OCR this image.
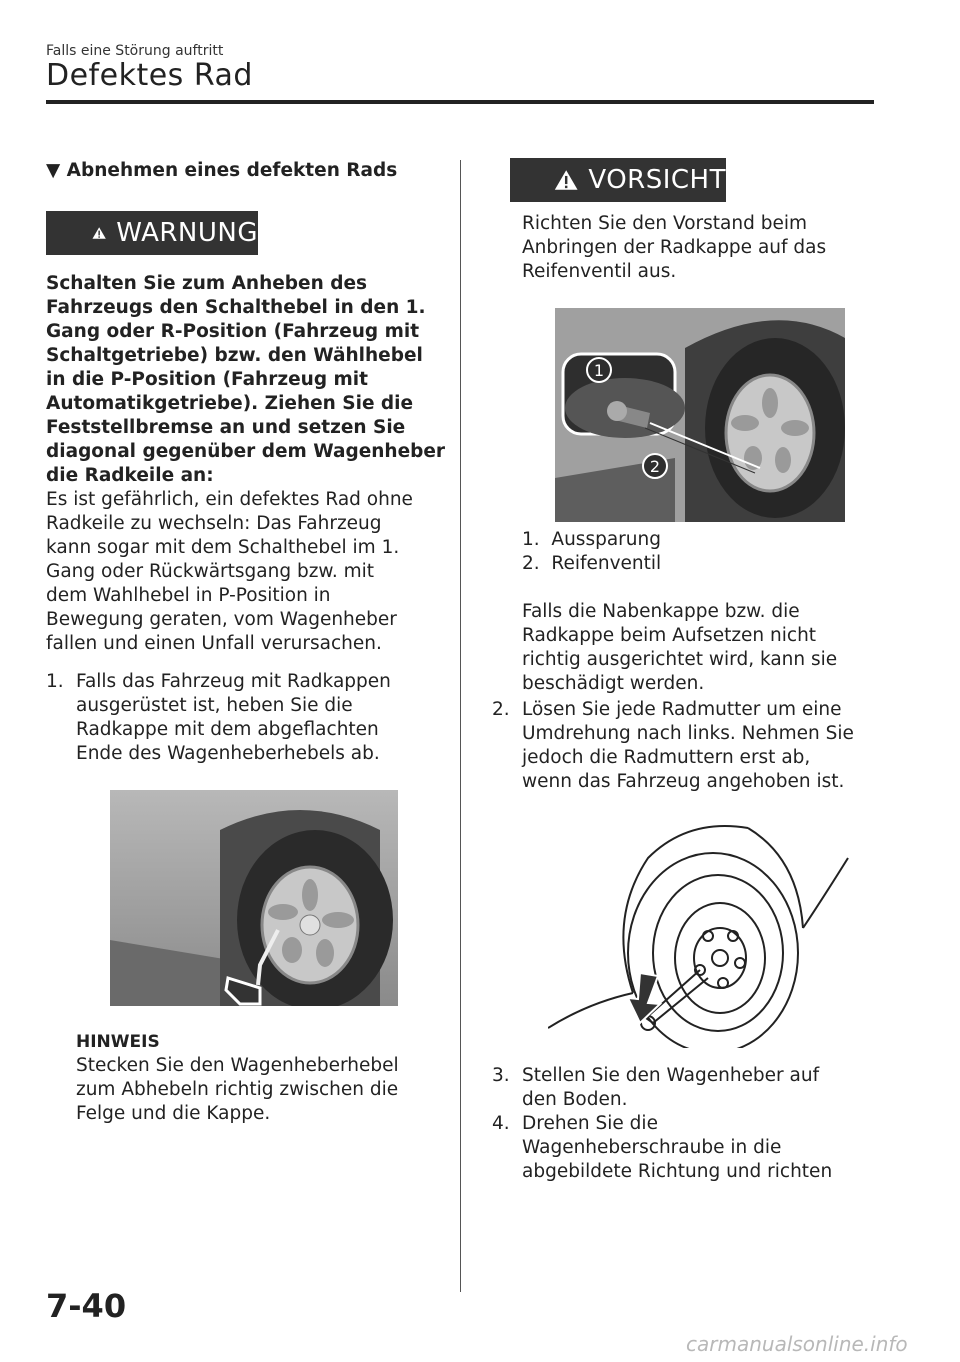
Falls eine Störung auftritt
Defektes Rad
▼ Abnehmen eines defekten Rads
WARNUNG
Schalten Sie zum Anheben des
Fahrzeugs den Schalthebel in den 1.
Gang oder R-Position (Fahrzeug mit
Schaltgetriebe) bzw. den Wählhebel
in die P-Position (Fahrzeug mit
Automatikgetriebe). Ziehen Sie die
Feststellbremse an und setzen Sie
diagonal gegenüber dem Wagenheber
die Radkeile an:
Es ist gefährlich, ein defektes Rad ohne
Radkeile zu wechseln: Das Fahrzeug
kann sogar mit dem Schalthebel im 1.
Gang oder Rückwärtsgang bzw. mit
dem Wahlhebel in P-Position in
Bewegung geraten, vom Wagenheber
fallen und einen Unfall verursachen.
1. Falls das Fahrzeug mit Radkappen
ausgerüstet ist, heben Sie die
Radkappe mit dem abgeflachten
Ende des Wagenheberhebels ab.
HINWEIS
Stecken Sie den Wagenheberhebel
zum Abhebeln richtig zwischen die
Felge und die Kappe.
VORSICHT
Richten Sie den Vorstand beim
Anbringen der Radkappe auf das
Reifenventil aus.
1
2
1. Aussparung
2. Reifenventil
Falls die Nabenkappe bzw. die
Radkappe beim Aufsetzen nicht
richtig ausgerichtet wird, kann sie
beschädigt werden.
2. Lösen Sie jede Radmutter um eine
Umdrehung nach links. Nehmen Sie
jedoch die Radmuttern erst ab,
wenn das Fahrzeug angehoben ist.
3. Stellen Sie den Wagenheber auf
den Boden.
4. Drehen Sie die
Wagenheberschraube in die
abgebildete Richtung und richten
7-40
carmanualsonline.info
